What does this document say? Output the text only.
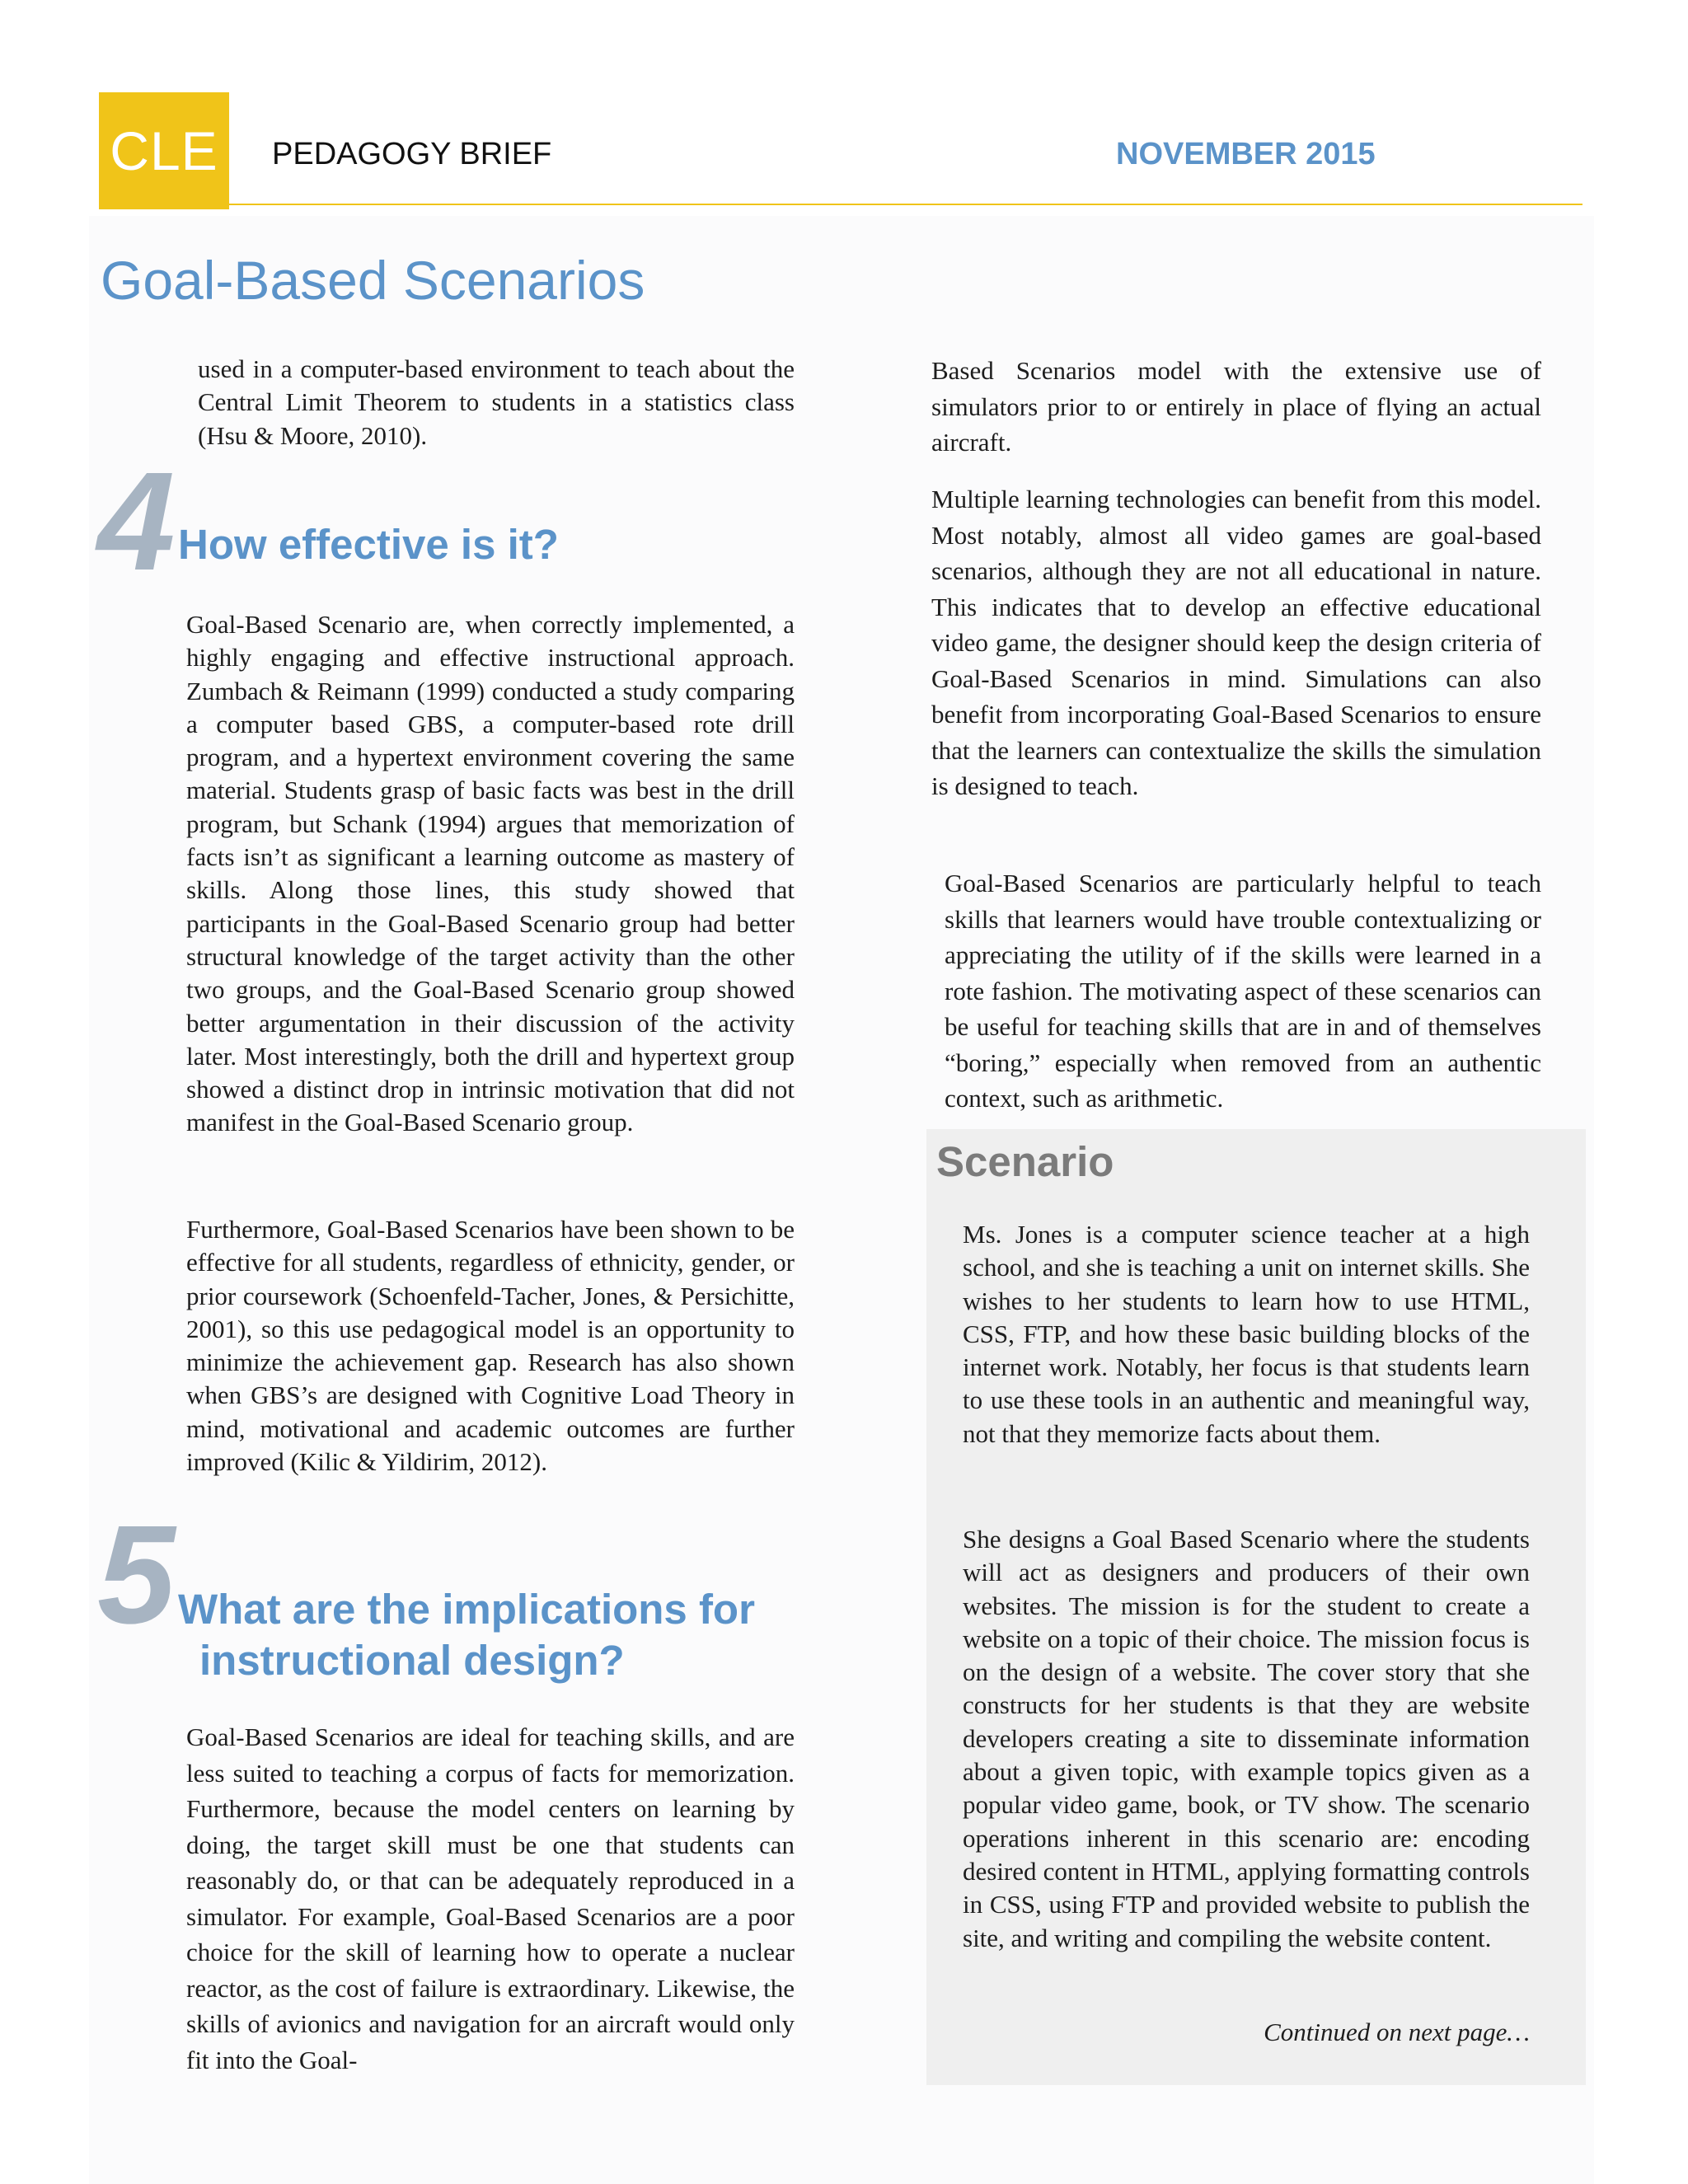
CLE PEDAGOGY BRIEF	NOVEMBER 2015
Goal-Based Scenarios

used in a computer-based environment to teach about the Central Limit Theorem to students in a statistics class (Hsu & Moore, 2010).

4 How effective is it?

Goal-Based Scenario are, when correctly implemented, a highly engaging and effective instructional approach. Zumbach & Reimann (1999) conducted a study comparing a computer based GBS, a computer-based rote drill program, and a hypertext environment covering the same material. Students grasp of basic facts was best in the drill program, but Schank (1994) argues that memorization of facts isn’t as significant a learning outcome as mastery of skills. Along those lines, this study showed that participants in the Goal-Based Scenario group had better structural knowledge of the target activity than the other two groups, and the Goal-Based Scenario group showed better argumentation in their discussion of the activity later. Most interestingly, both the drill and hypertext group showed a distinct drop in intrinsic motivation that did not manifest in the Goal-Based Scenario group.

Furthermore, Goal-Based Scenarios have been shown to be effective for all students, regardless of ethnicity, gender, or prior coursework (Schoenfeld-Tacher, Jones, & Persichitte, 2001), so this use pedagogical model is an opportunity to minimize the achievement gap. Research has also shown when GBS’s are designed with Cognitive Load Theory in mind, motivational and academic outcomes are further improved (Kilic & Yildirim, 2012).

5 What are the implications for
instructional design?

Goal-Based Scenarios are ideal for teaching skills, and are less suited to teaching a corpus of facts for memorization. Furthermore, because the model centers on learning by doing, the target skill must be one that students can reasonably do, or that can be adequately reproduced in a simulator. For example, Goal-Based Scenarios are a poor choice for the skill of learning how to operate a nuclear reactor, as the cost of failure is extraordinary. Likewise, the skills of avionics and navigation for an aircraft would only fit into the Goal-

Based Scenarios model with the extensive use of simulators prior to or entirely in place of flying an actual aircraft.

Multiple learning technologies can benefit from this model. Most notably, almost all video games are goal-based scenarios, although they are not all educational in nature. This indicates that to develop an effective educational video game, the designer should keep the design criteria of Goal-Based Scenarios in mind. Simulations can also benefit from incorporating Goal-Based Scenarios to ensure that the learners can contextualize the skills the simulation is designed to teach.

Goal-Based Scenarios are particularly helpful to teach skills that learners would have trouble contextualizing or appreciating the utility of if the skills were learned in a rote fashion. The motivating aspect of these scenarios can be useful for teaching skills that are in and of themselves “boring,” especially when removed from an authentic context, such as arithmetic.

Scenario

Ms. Jones is a computer science teacher at a high school, and she is teaching a unit on internet skills. She wishes to her students to learn how to use HTML, CSS, FTP, and how these basic building blocks of the internet work. Notably, her focus is that students learn to use these tools in an authentic and meaningful way, not that they memorize facts about them.

She designs a Goal Based Scenario where the students will act as designers and producers of their own websites. The mission is for the student to create a website on a topic of their choice. The mission focus is on the design of a website. The cover story that she constructs for her students is that they are website developers creating a site to disseminate information about a given topic, with example topics given as a popular video game, book, or TV show. The scenario operations inherent in this scenario are: encoding desired content in HTML, applying formatting controls in CSS, using FTP and provided website to publish the site, and writing and compiling the website content.

Continued on next page…
